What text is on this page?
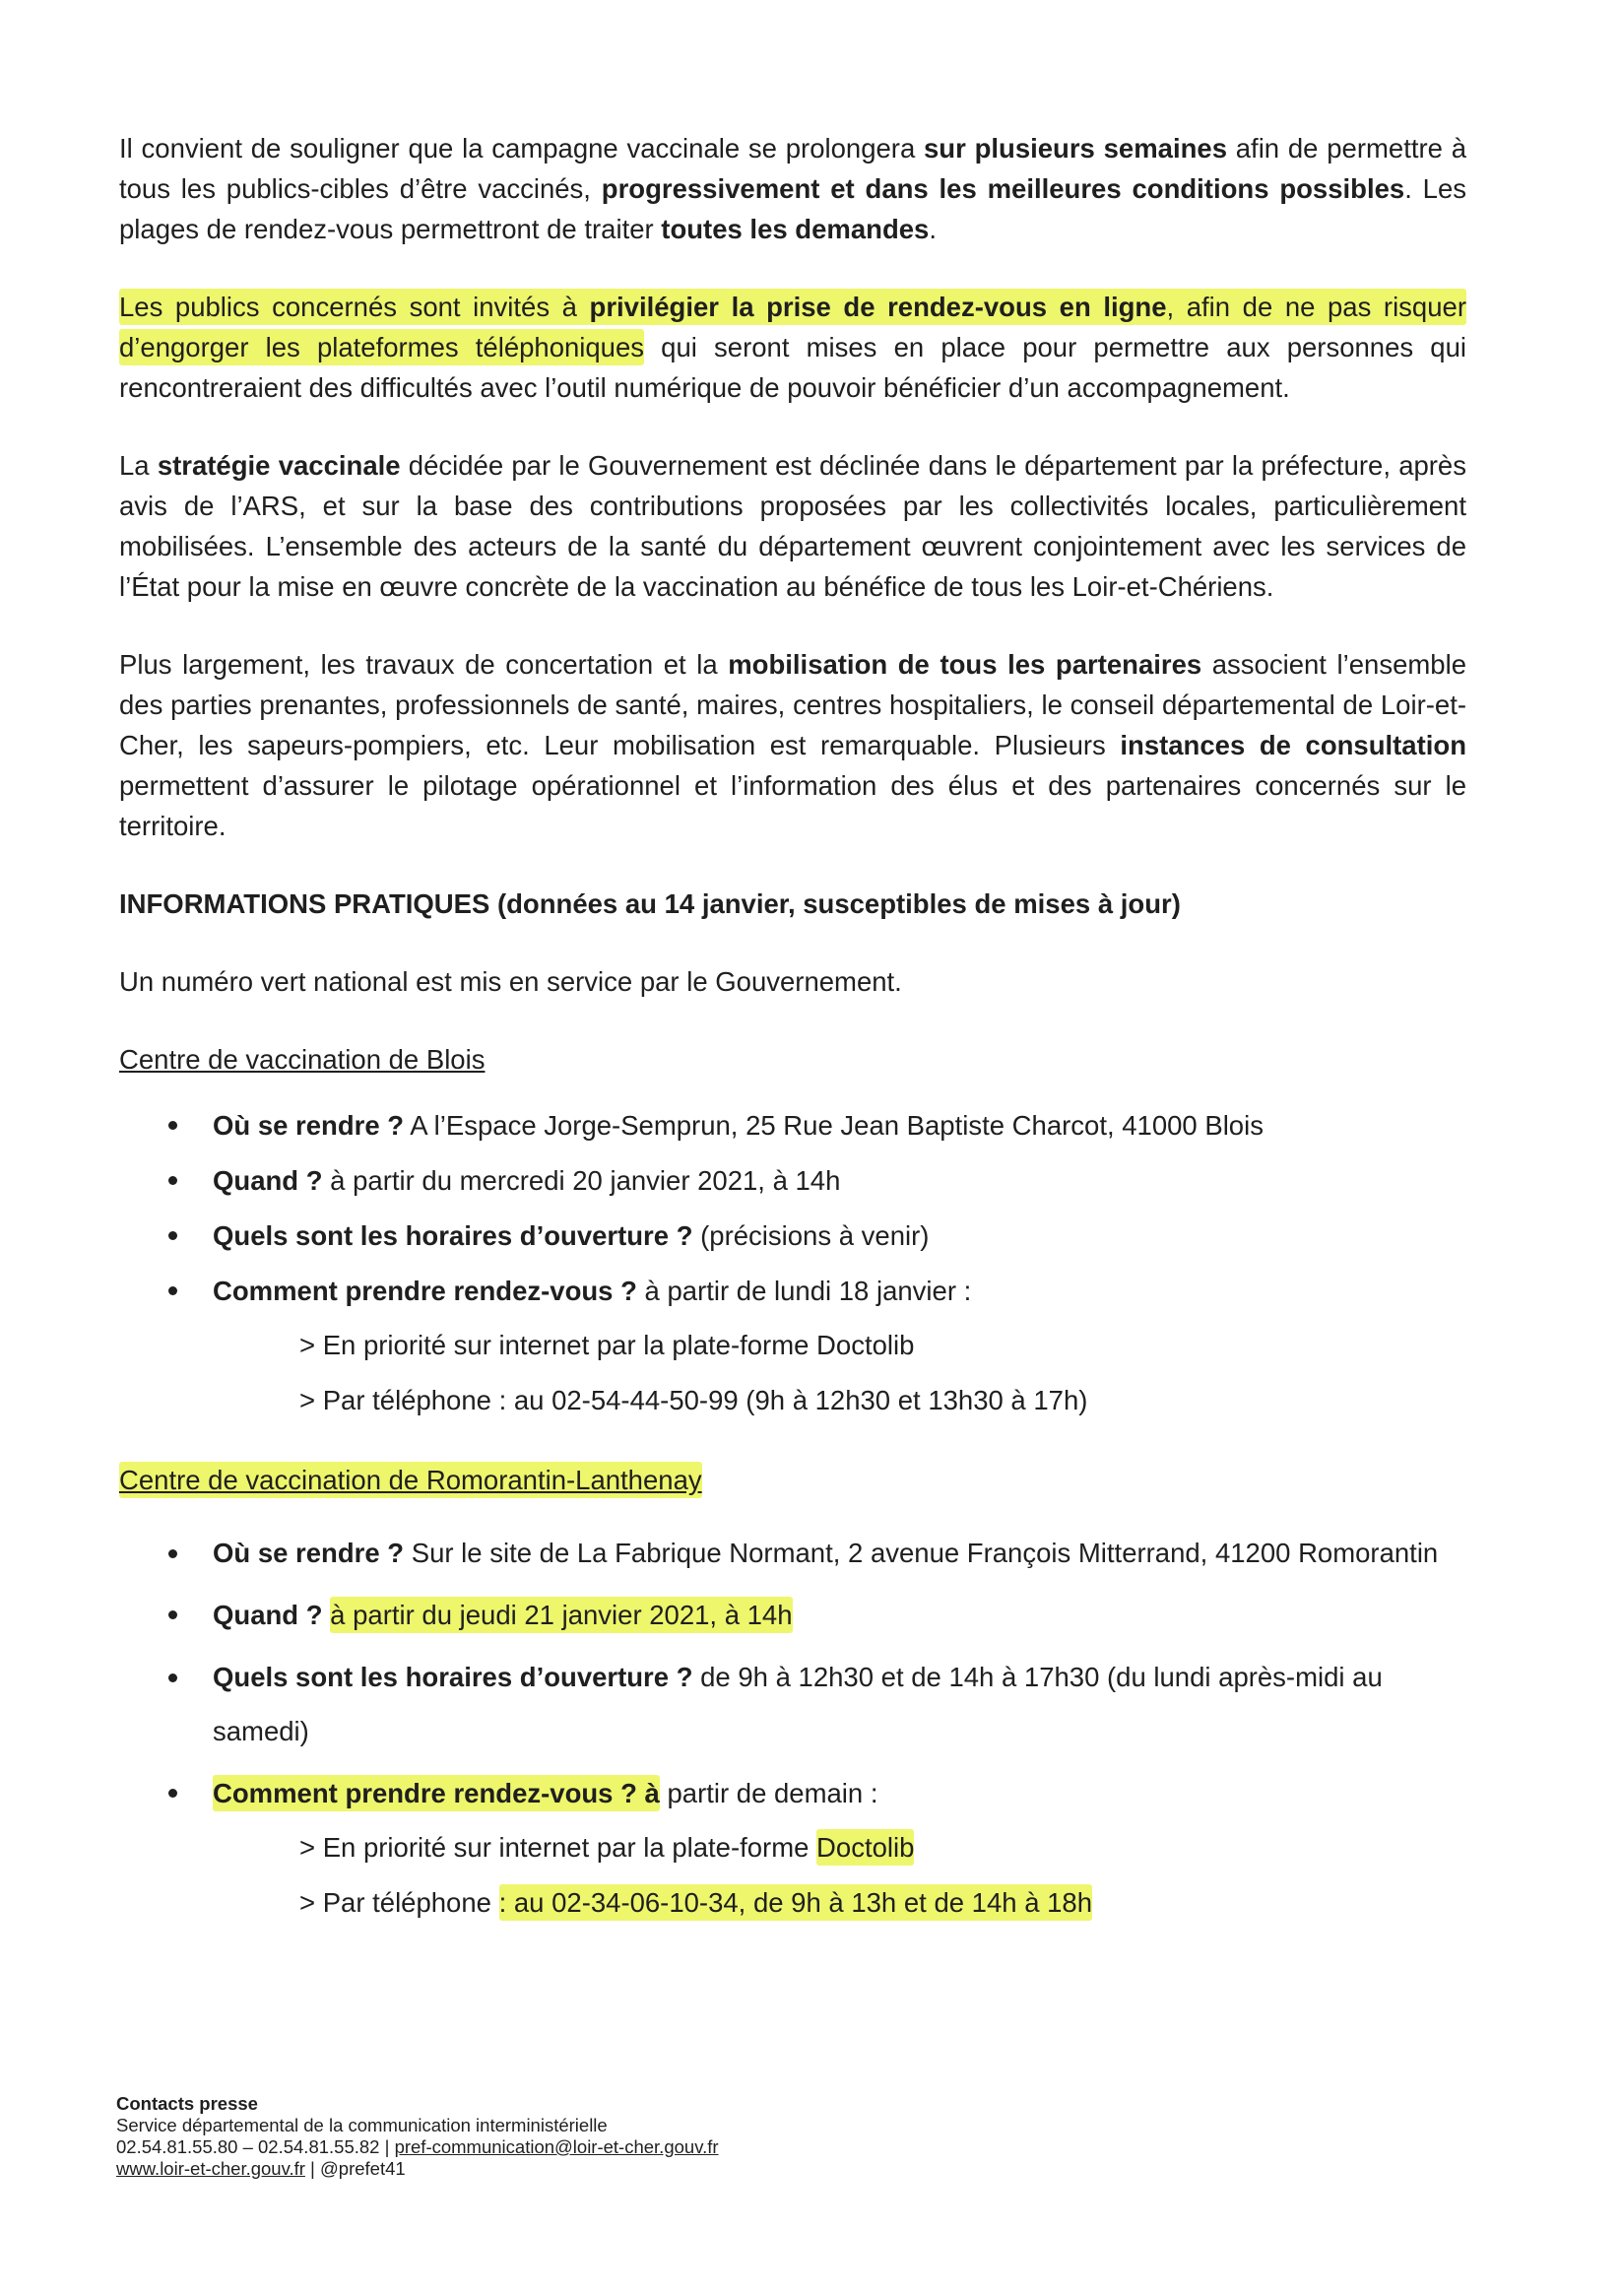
Il convient de souligner que la campagne vaccinale se prolongera sur plusieurs semaines afin de permettre à tous les publics-cibles d’être vaccinés, progressivement et dans les meilleures conditions possibles. Les plages de rendez-vous permettront de traiter toutes les demandes.

Les publics concernés sont invités à privilégier la prise de rendez-vous en ligne, afin de ne pas risquer d’engorger les plateformes téléphoniques qui seront mises en place pour permettre aux personnes qui rencontreraient des difficultés avec l’outil numérique de pouvoir bénéficier d’un accompagnement.

La stratégie vaccinale décidée par le Gouvernement est déclinée dans le département par la préfecture, après avis de l’ARS, et sur la base des contributions proposées par les collectivités locales, particulièrement mobilisées. L’ensemble des acteurs de la santé du département œuvrent conjointement avec les services de l’État pour la mise en œuvre concrète de la vaccination au bénéfice de tous les Loir-et-Chériens.

Plus largement, les travaux de concertation et la mobilisation de tous les partenaires associent l’ensemble des parties prenantes, professionnels de santé, maires, centres hospitaliers, le conseil départemental de Loir-et-Cher, les sapeurs-pompiers, etc. Leur mobilisation est remarquable. Plusieurs instances de consultation permettent d’assurer le pilotage opérationnel et l’information des élus et des partenaires concernés sur le territoire.

INFORMATIONS PRATIQUES (données au 14 janvier, susceptibles de mises à jour)
Un numéro vert national est mis en service par le Gouvernement.
Centre de vaccination de Blois
Où se rendre ? A l’Espace Jorge-Semprun, 25 Rue Jean Baptiste Charcot, 41000 Blois
Quand ? à partir du mercredi 20 janvier 2021, à 14h
Quels sont les horaires d’ouverture ? (précisions à venir)
Comment prendre rendez-vous ? à partir de lundi 18 janvier :
> En priorité sur internet par la plate-forme Doctolib
> Par téléphone : au 02-54-44-50-99 (9h à 12h30 et 13h30 à 17h)
Centre de vaccination de Romorantin-Lanthenay
Où se rendre ? Sur le site de La Fabrique Normant, 2 avenue François Mitterrand, 41200 Romorantin
Quand ? à partir du jeudi 21 janvier 2021, à 14h
Quels sont les horaires d’ouverture ? de 9h à 12h30 et de 14h à 17h30 (du lundi après-midi au samedi)
Comment prendre rendez-vous ? à partir de demain :
> En priorité sur internet par la plate-forme Doctolib
> Par téléphone : au 02-34-06-10-34, de 9h à 13h et de 14h à 18h
Contacts presse
Service départemental de la communication interministérielle
02.54.81.55.80 – 02.54.81.55.82 | pref-communication@loir-et-cher.gouv.fr
www.loir-et-cher.gouv.fr | @prefet41
